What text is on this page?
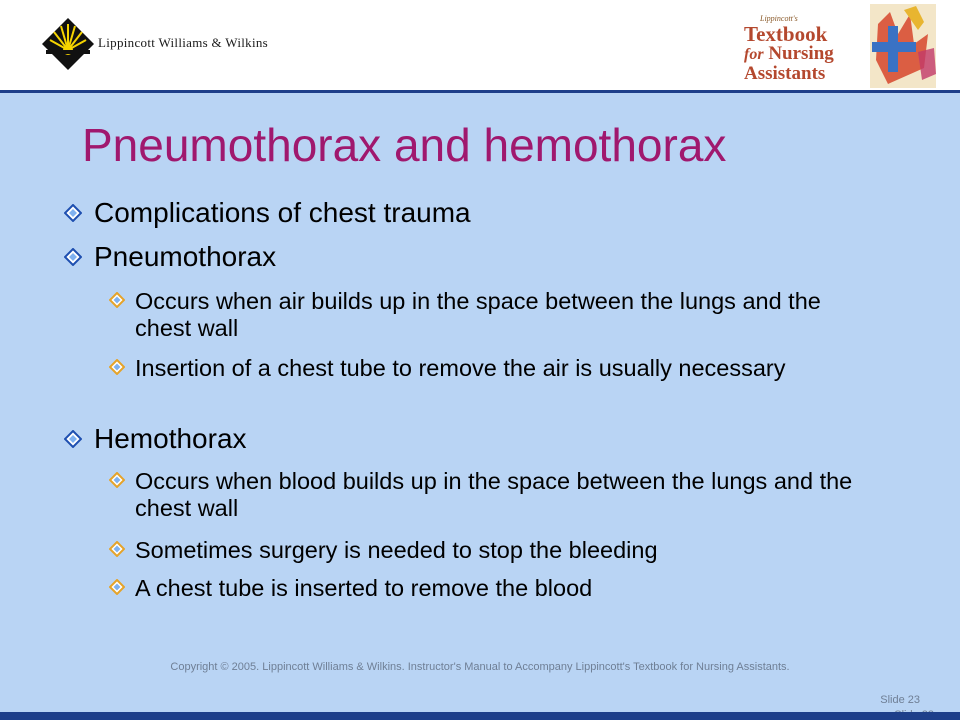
Lippincott Williams & Wilkins
Lippincott's
Textbook
for Nursing
Assistants
Pneumothorax and hemothorax
Complications of chest trauma
Pneumothorax
Occurs when air builds up in the space between the lungs and the chest wall
Insertion of a chest tube to remove the air is usually necessary
Hemothorax
Occurs when blood builds up in the space between the lungs and the chest wall
Sometimes surgery is needed to stop the bleeding
A chest tube is inserted to remove the blood
Copyright © 2005. Lippincott Williams & Wilkins. Instructor's Manual to Accompany Lippincott's Textbook for Nursing Assistants.
Slide 23
